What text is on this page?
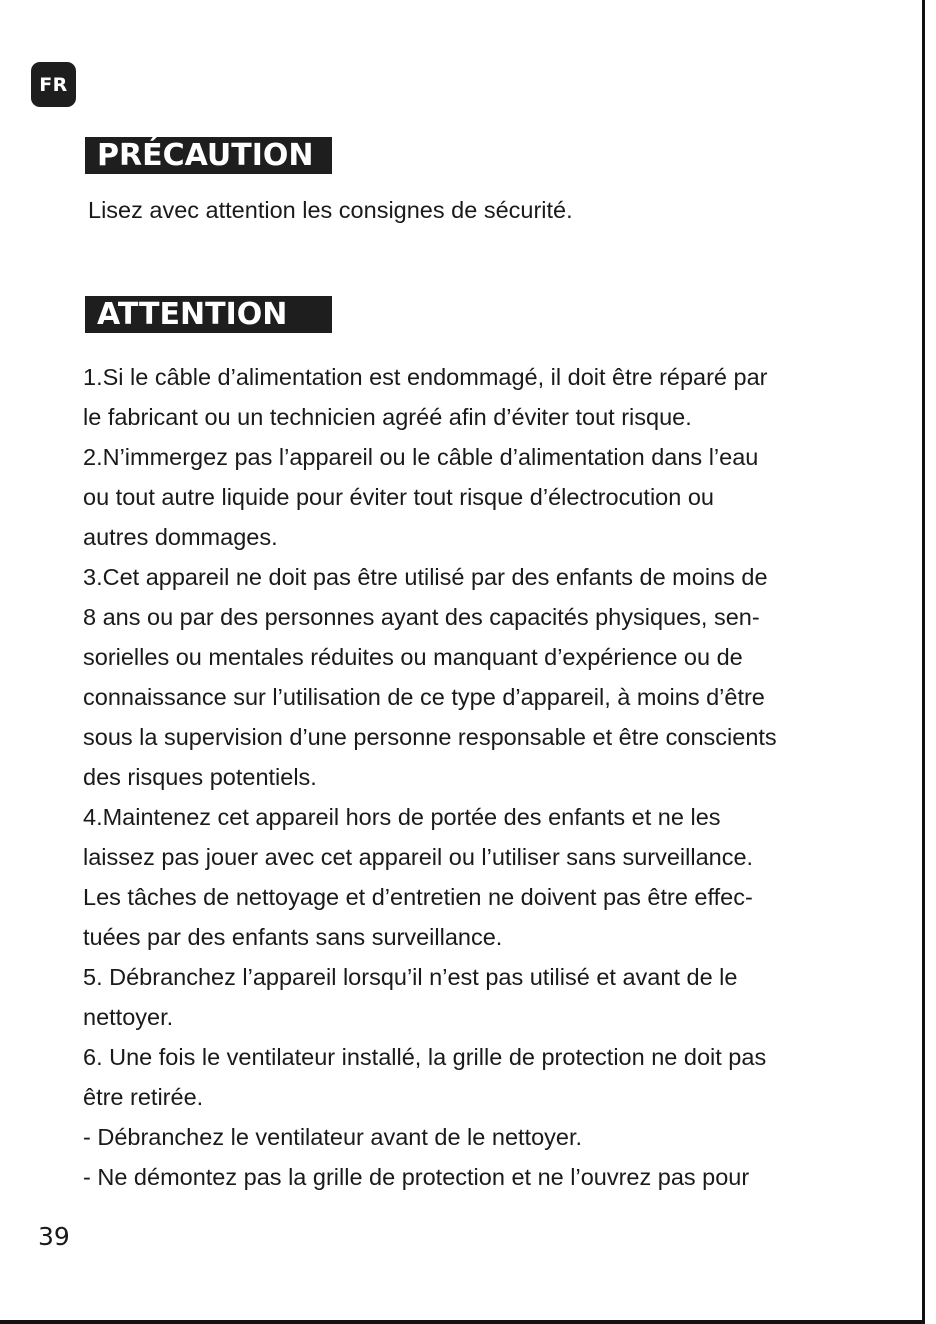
FR
PRÉCAUTION
Lisez avec attention les consignes de sécurité.
ATTENTION

1.Si le câble d’alimentation est endommagé, il doit être réparé par

le fabricant ou un technicien agréé afin d’éviter tout risque.

2.N’immergez pas l’appareil ou le câble d’alimentation dans l’eau

ou tout autre liquide pour éviter tout risque d’électrocution ou

autres dommages.

3.Cet appareil ne doit pas être utilisé par des enfants de moins de

8 ans ou par des personnes ayant des capacités physiques, sen-

sorielles ou mentales réduites ou manquant d’expérience ou de

connaissance sur l’utilisation de ce type d’appareil, à moins d’être

sous la supervision d’une personne responsable et être conscients

des risques potentiels.

4.Maintenez cet appareil hors de portée des enfants et ne les

laissez pas jouer avec cet appareil ou l’utiliser sans surveillance.

Les tâches de nettoyage et d’entretien ne doivent pas être effec-

tuées par des enfants sans surveillance.

5. Débranchez l’appareil lorsqu’il n’est pas utilisé et avant de le

nettoyer.

6. Une fois le ventilateur installé, la grille de protection ne doit pas

être retirée.

- Débranchez le ventilateur avant de le nettoyer.

- Ne démontez pas la grille de protection et ne l’ouvrez pas pour

39
